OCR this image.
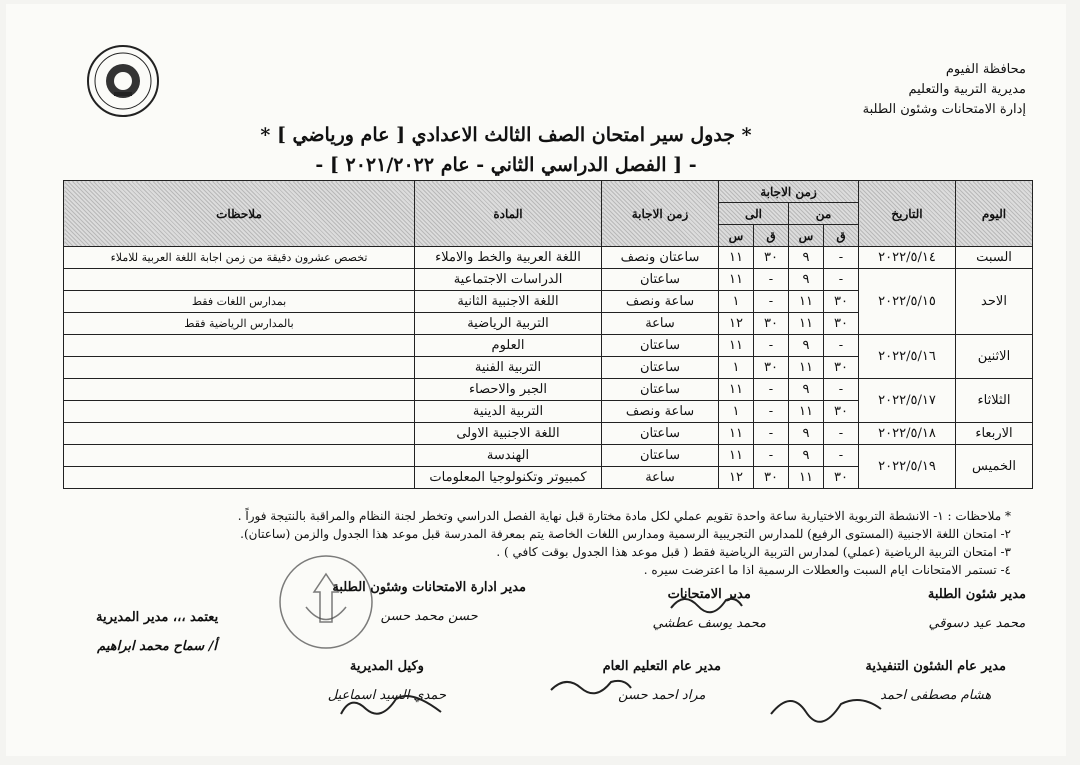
محافظة الفيوم
مديرية التربية والتعليم
إدارة الامتحانات وشئون الطلبة
* جدول سير امتحان الصف الثالث الاعدادي [ عام ورياضي ] *
- [ الفصل الدراسي الثاني - عام ٢٠٢١/٢٠٢٢ ] -
اليوم	التاريخ	زمن الاجابة				زمن الاجابة	المادة	ملاحظات
		من		الى				
		ق	س	ق	س			
السبت	٢٠٢٢/٥/١٤	-	٩	٣٠	١١	ساعتان ونصف	اللغة العربية والخط والاملاء	تخصص عشرون دقيقة من زمن اجابة اللغة العربية للاملاء
الاحد	٢٠٢٢/٥/١٥	-	٩	-	١١	ساعتان	الدراسات الاجتماعية	
		٣٠	١١	-	١	ساعة ونصف	اللغة الاجنبية الثانية	بمدارس اللغات فقط
		٣٠	١١	٣٠	١٢	ساعة	التربية الرياضية	بالمدارس الرياضية فقط
الاثنين	٢٠٢٢/٥/١٦	-	٩	-	١١	ساعتان	العلوم	
		٣٠	١١	٣٠	١	ساعتان	التربية الفنية	
الثلاثاء	٢٠٢٢/٥/١٧	-	٩	-	١١	ساعتان	الجبر والاحصاء	
		٣٠	١١	-	١	ساعة ونصف	التربية الدينية	
الاربعاء	٢٠٢٢/٥/١٨	-	٩	-	١١	ساعتان	اللغة الاجنبية الاولى	
الخميس	٢٠٢٢/٥/١٩	-	٩	-	١١	ساعتان	الهندسة	
		٣٠	١١	٣٠	١٢	ساعة	كمبيوتر وتكنولوجيا المعلومات	
* ملاحظات : ١- الانشطة التربوية الاختيارية ساعة واحدة تقويم عملي لكل مادة مختارة قبل نهاية الفصل الدراسي وتخطر لجنة النظام والمراقبة بالنتيجة فوراً .
٢- امتحان اللغة الاجنبية (المستوى الرفيع) للمدارس التجريبية الرسمية ومدارس اللغات الخاصة يتم بمعرفة المدرسة قبل موعد هذا الجدول والزمن (ساعتان).
٣- امتحان التربية الرياضية (عملي) لمدارس التربية الرياضية فقط ( قبل موعد هذا الجدول بوقت كافي ) .
٤- تستمر الامتحانات ايام السبت والعطلات الرسمية اذا ما اعترضت سيره .
مدير شئون الطلبة
محمد عيد دسوقي
مدير الامتحانات
محمد يوسف عطشي
مدير ادارة الامتحانات وشئون الطلبة
حسن محمد حسن
يعتمد ،،، مدير المديرية
أ/ سماح محمد ابراهيم
مدير عام الشئون التنفيذية
هشام مصطفى احمد
مدير عام التعليم العام
مراد احمد حسن
وكيل المديرية
حمدي السيد اسماعيل
